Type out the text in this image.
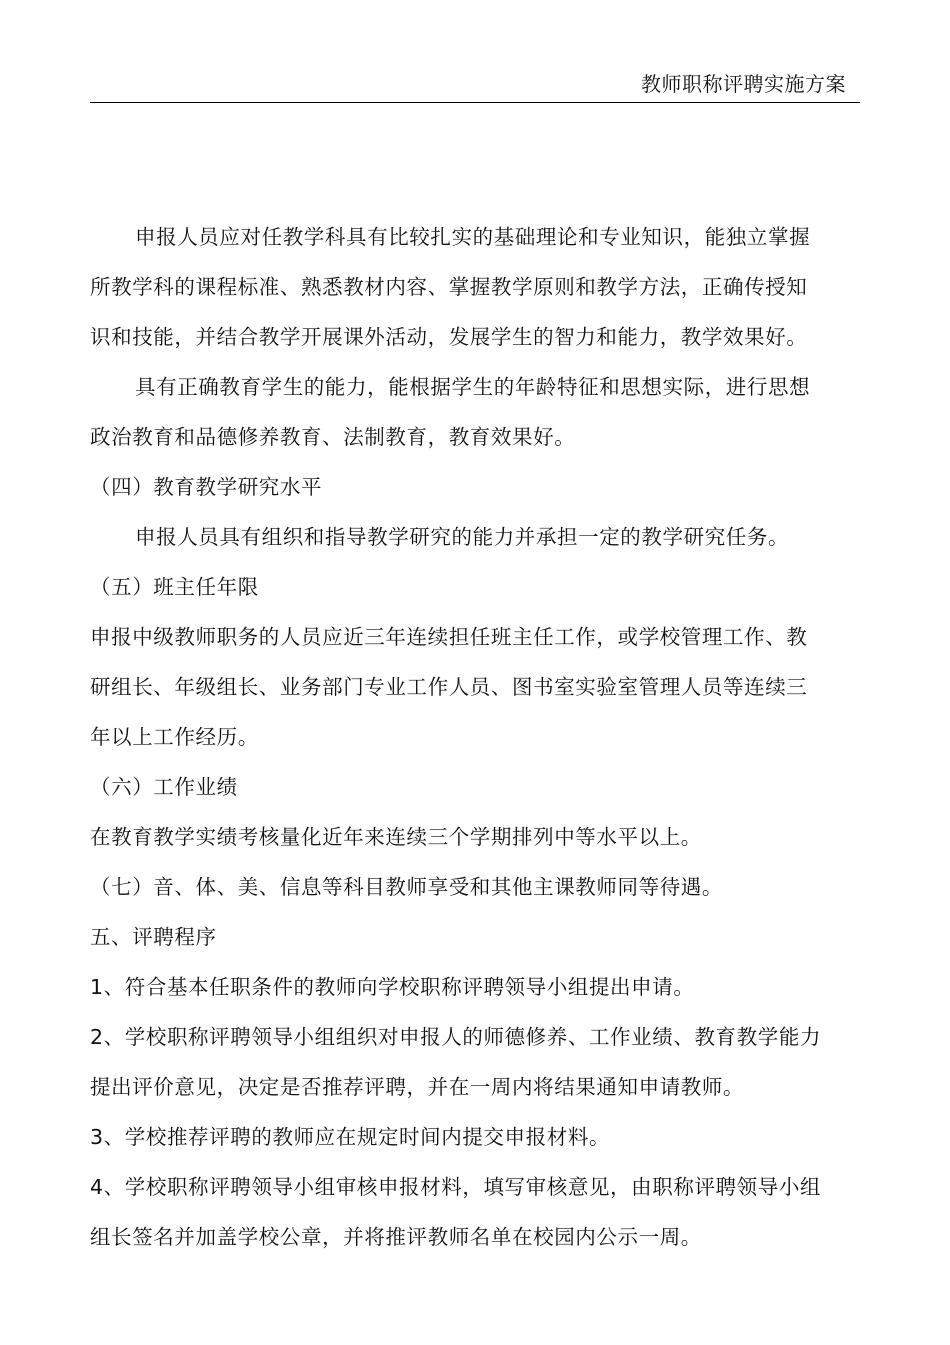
教师职称评聘实施方案
申报人员应对任教学科具有比较扎实的基础理论和专业知识，能独立掌握
所教学科的课程标准、熟悉教材内容、掌握教学原则和教学方法，正确传授知
识和技能，并结合教学开展课外活动，发展学生的智力和能力，教学效果好。
具有正确教育学生的能力，能根据学生的年龄特征和思想实际，进行思想
政治教育和品德修养教育、法制教育，教育效果好。
（四）教育教学研究水平
申报人员具有组织和指导教学研究的能力并承担一定的教学研究任务。
（五）班主任年限
申报中级教师职务的人员应近三年连续担任班主任工作，或学校管理工作、教
研组长、年级组长、业务部门专业工作人员、图书室实验室管理人员等连续三
年以上工作经历。
（六）工作业绩
在教育教学实绩考核量化近年来连续三个学期排列中等水平以上。
（七）音、体、美、信息等科目教师享受和其他主课教师同等待遇。
五、评聘程序
1、符合基本任职条件的教师向学校职称评聘领导小组提出申请。
2、学校职称评聘领导小组组织对申报人的师德修养、工作业绩、教育教学能力
提出评价意见，决定是否推荐评聘，并在一周内将结果通知申请教师。
3、学校推荐评聘的教师应在规定时间内提交申报材料。
4、学校职称评聘领导小组审核申报材料，填写审核意见，由职称评聘领导小组
组长签名并加盖学校公章，并将推评教师名单在校园内公示一周。
